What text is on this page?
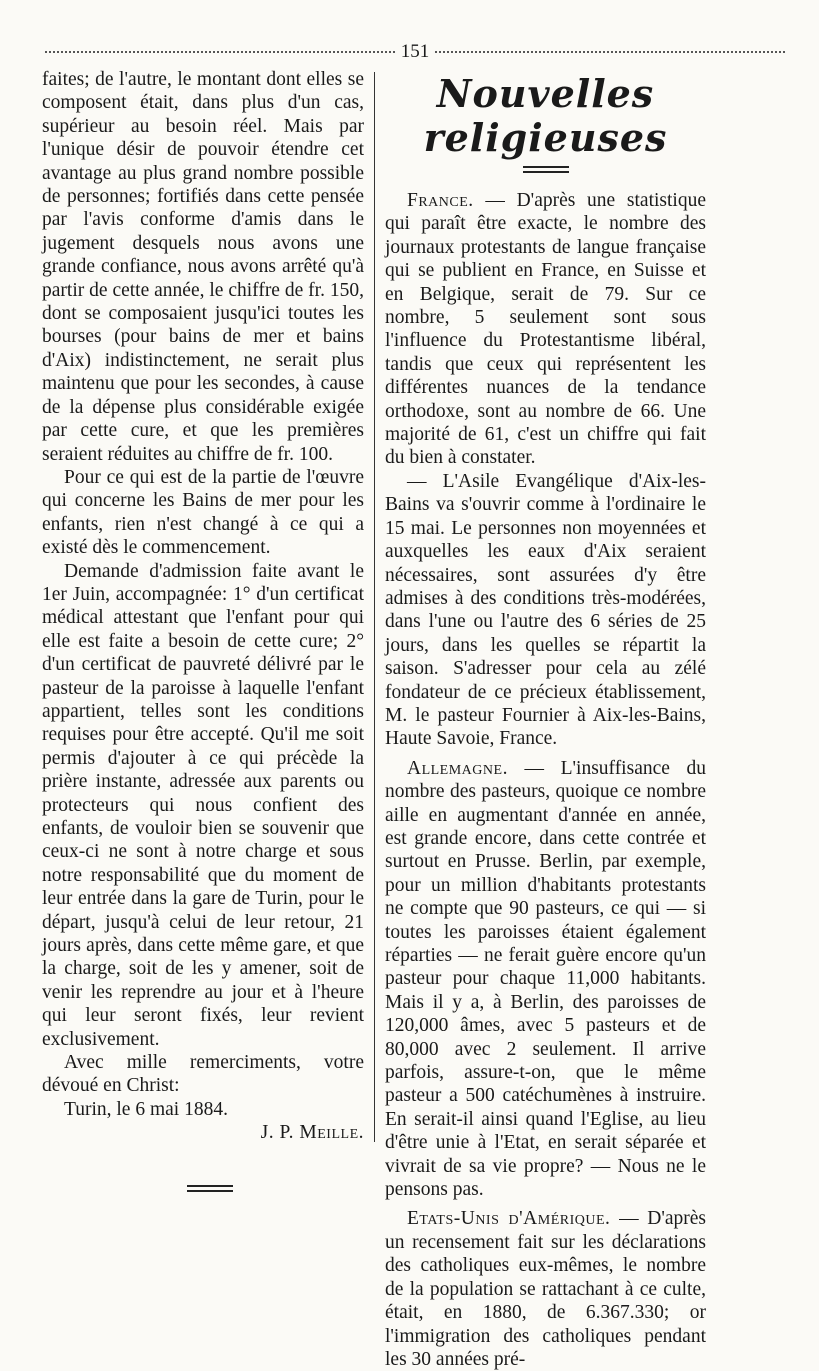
151

faites; de l'autre, le montant dont elles se composent était, dans plus d'un cas, supérieur au besoin réel. Mais par l'unique désir de pouvoir étendre cet avantage au plus grand nombre possible de personnes; fortifiés dans cette pensée par l'avis conforme d'amis dans le jugement desquels nous avons une grande confiance, nous avons arrêté qu'à partir de cette année, le chiffre de fr. 150, dont se composaient jusqu'ici toutes les bourses (pour bains de mer et bains d'Aix) indistinctement, ne serait plus maintenu que pour les secondes, à cause de la dépense plus considérable exigée par cette cure, et que les premières seraient réduites au chiffre de fr. 100.

Pour ce qui est de la partie de l'œuvre qui concerne les Bains de mer pour les enfants, rien n'est changé à ce qui a existé dès le commencement.

Demande d'admission faite avant le 1er Juin, accompagnée: 1° d'un certificat médical attestant que l'enfant pour qui elle est faite a besoin de cette cure; 2° d'un certificat de pauvreté délivré par le pasteur de la paroisse à laquelle l'enfant appartient, telles sont les conditions requises pour être accepté. Qu'il me soit permis d'ajouter à ce qui précède la prière instante, adressée aux parents ou protecteurs qui nous confient des enfants, de vouloir bien se souvenir que ceux-ci ne sont à notre charge et sous notre responsabilité que du moment de leur entrée dans la gare de Turin, pour le départ, jusqu'à celui de leur retour, 21 jours après, dans cette même gare, et que la charge, soit de les y amener, soit de venir les reprendre au jour et à l'heure qui leur seront fixés, leur revient exclusivement.

Avec mille remerciments, votre dévoué en Christ:

Turin, le 6 mai 1884.

J. P. Meille.

Nouvelles religieuses

France. — D'après une statistique qui paraît être exacte, le nombre des journaux protestants de langue française qui se publient en France, en Suisse et en Belgique, serait de 79. Sur ce nombre, 5 seulement sont sous l'influence du Protestantisme libéral, tandis que ceux qui représentent les différentes nuances de la tendance orthodoxe, sont au nombre de 66. Une majorité de 61, c'est un chiffre qui fait du bien à constater.

— L'Asile Evangélique d'Aix-les-Bains va s'ouvrir comme à l'ordinaire le 15 mai. Le personnes non moyennées et auxquelles les eaux d'Aix seraient nécessaires, sont assurées d'y être admises à des conditions très-modérées, dans l'une ou l'autre des 6 séries de 25 jours, dans les quelles se répartit la saison. S'adresser pour cela au zélé fondateur de ce précieux établissement, M. le pasteur Fournier à Aix-les-Bains, Haute Savoie, France.

Allemagne. — L'insuffisance du nombre des pasteurs, quoique ce nombre aille en augmentant d'année en année, est grande encore, dans cette contrée et surtout en Prusse. Berlin, par exemple, pour un million d'habitants protestants ne compte que 90 pasteurs, ce qui — si toutes les paroisses étaient également réparties — ne ferait guère encore qu'un pasteur pour chaque 11,000 habitants. Mais il y a, à Berlin, des paroisses de 120,000 âmes, avec 5 pasteurs et de 80,000 avec 2 seulement. Il arrive parfois, assure-t-on, que le même pasteur a 500 catéchumènes à instruire. En serait-il ainsi quand l'Eglise, au lieu d'être unie à l'Etat, en serait séparée et vivrait de sa vie propre? — Nous ne le pensons pas.

Etats-Unis d'Amérique. — D'après un recensement fait sur les déclarations des catholiques eux-mêmes, le nombre de la population se rattachant à ce culte, était, en 1880, de 6.367.330; or l'immigration des catholiques pendant les 30 années pré-
